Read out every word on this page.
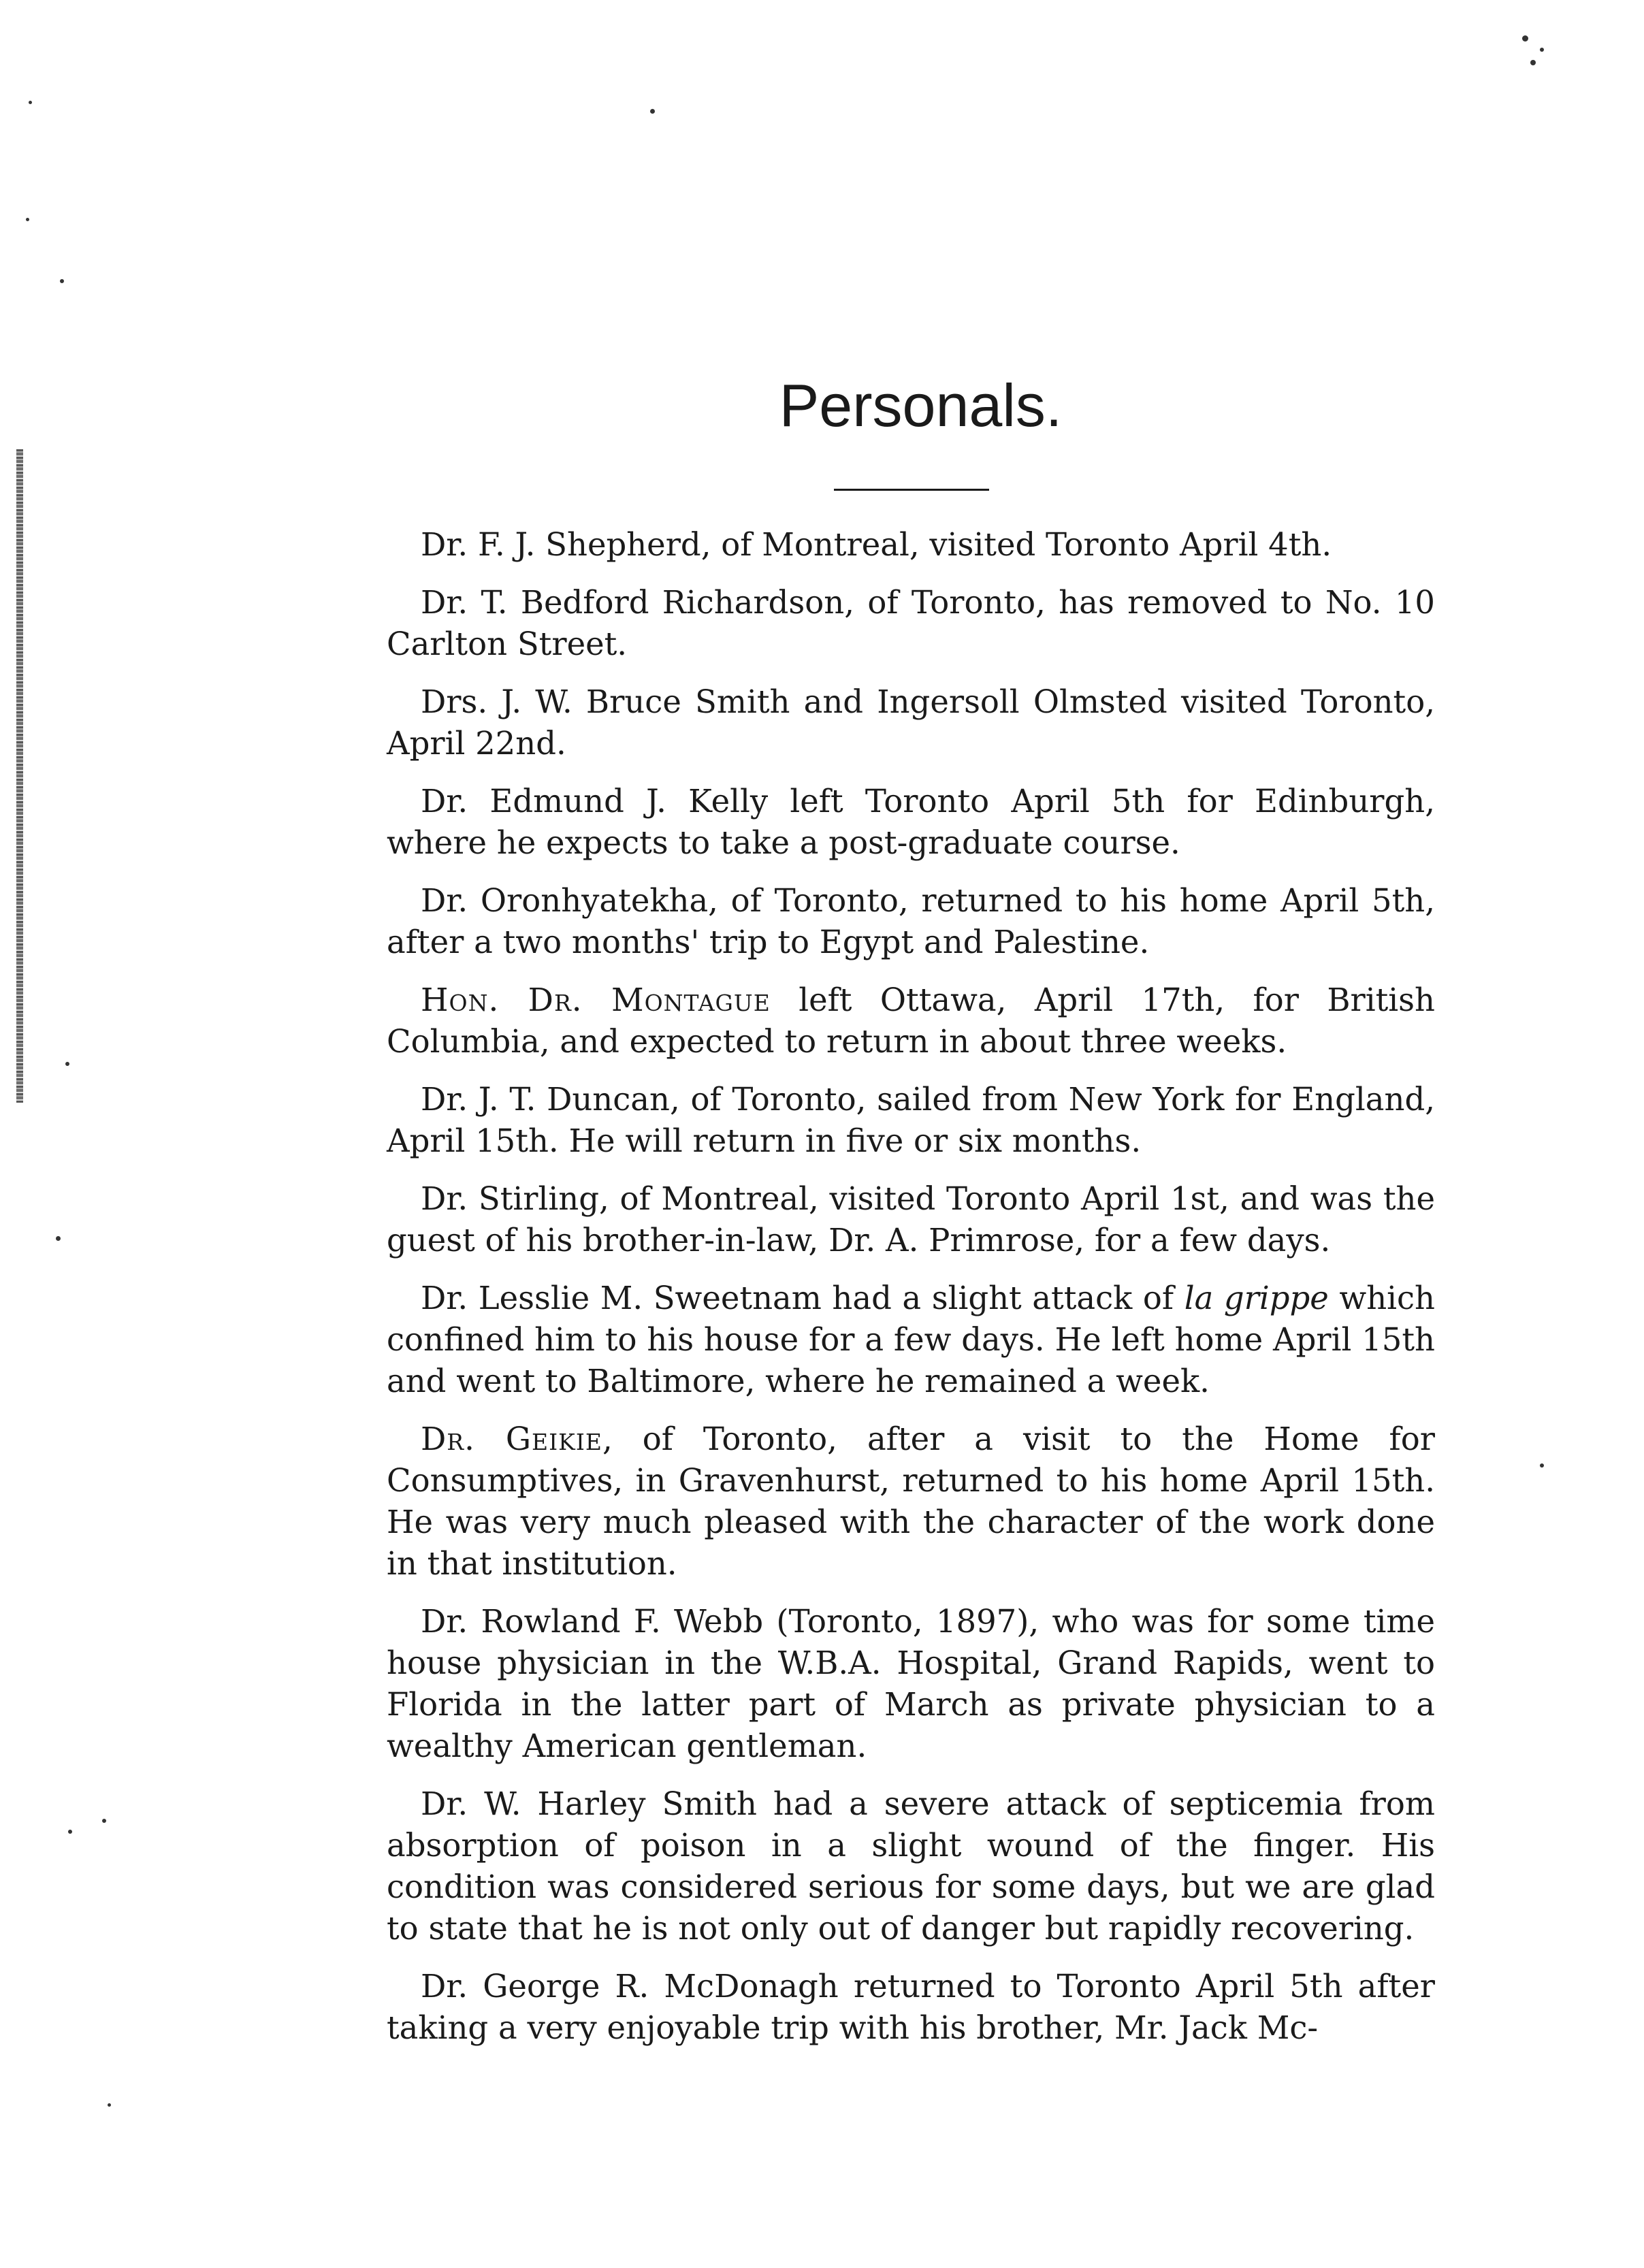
Personals.

Dr. F. J. Shepherd, of Montreal, visited Toronto April 4th.

Dr. T. Bedford Richardson, of Toronto, has removed to No. 10 Carlton Street.

Drs. J. W. Bruce Smith and Ingersoll Olmsted visited Toronto, April 22nd.

Dr. Edmund J. Kelly left Toronto April 5th for Edinburgh, where he expects to take a post-graduate course.

Dr. Oronhyatekha, of Toronto, returned to his home April 5th, after a two months' trip to Egypt and Palestine.

Hon. Dr. Montague left Ottawa, April 17th, for British Columbia, and expected to return in about three weeks.

Dr. J. T. Duncan, of Toronto, sailed from New York for England, April 15th. He will return in five or six months.

Dr. Stirling, of Montreal, visited Toronto April 1st, and was the guest of his brother-in-law, Dr. A. Primrose, for a few days.

Dr. Lesslie M. Sweetnam had a slight attack of la grippe which confined him to his house for a few days. He left home April 15th and went to Baltimore, where he remained a week.

Dr. Geikie, of Toronto, after a visit to the Home for Consumptives, in Gravenhurst, returned to his home April 15th. He was very much pleased with the character of the work done in that institution.

Dr. Rowland F. Webb (Toronto, 1897), who was for some time house physician in the W.B.A. Hospital, Grand Rapids, went to Florida in the latter part of March as private physician to a wealthy American gentleman.

Dr. W. Harley Smith had a severe attack of septicemia from absorption of poison in a slight wound of the finger. His condition was considered serious for some days, but we are glad to state that he is not only out of danger but rapidly recovering.

Dr. George R. McDonagh returned to Toronto April 5th after taking a very enjoyable trip with his brother, Mr. Jack Mc-
